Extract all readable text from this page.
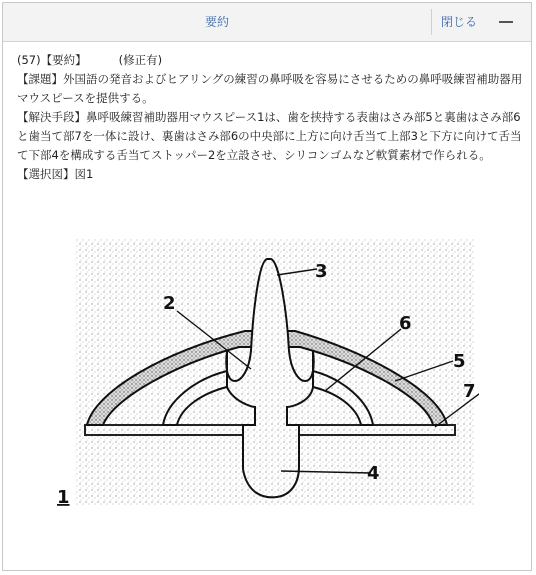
要約	閉じる

(57)【要約】	(修正有)

【課題】外国語の発音およびヒアリングの練習の鼻呼吸を容易にさせるための鼻呼吸練習補助器用マウスピースを提供する。

【解決手段】鼻呼吸練習補助器用マウスピース1は、歯を挟持する表歯はさみ部5と裏歯はさみ部6と歯当て部7を一体に設け、裏歯はさみ部6の中央部に上方に向け舌当て上部3と下方に向けて舌当て下部4を構成する舌当てストッパー2を立設させ、シリコンゴムなど軟質素材で作られる。

【選択図】図1

1
2
3
4
5
6
7
